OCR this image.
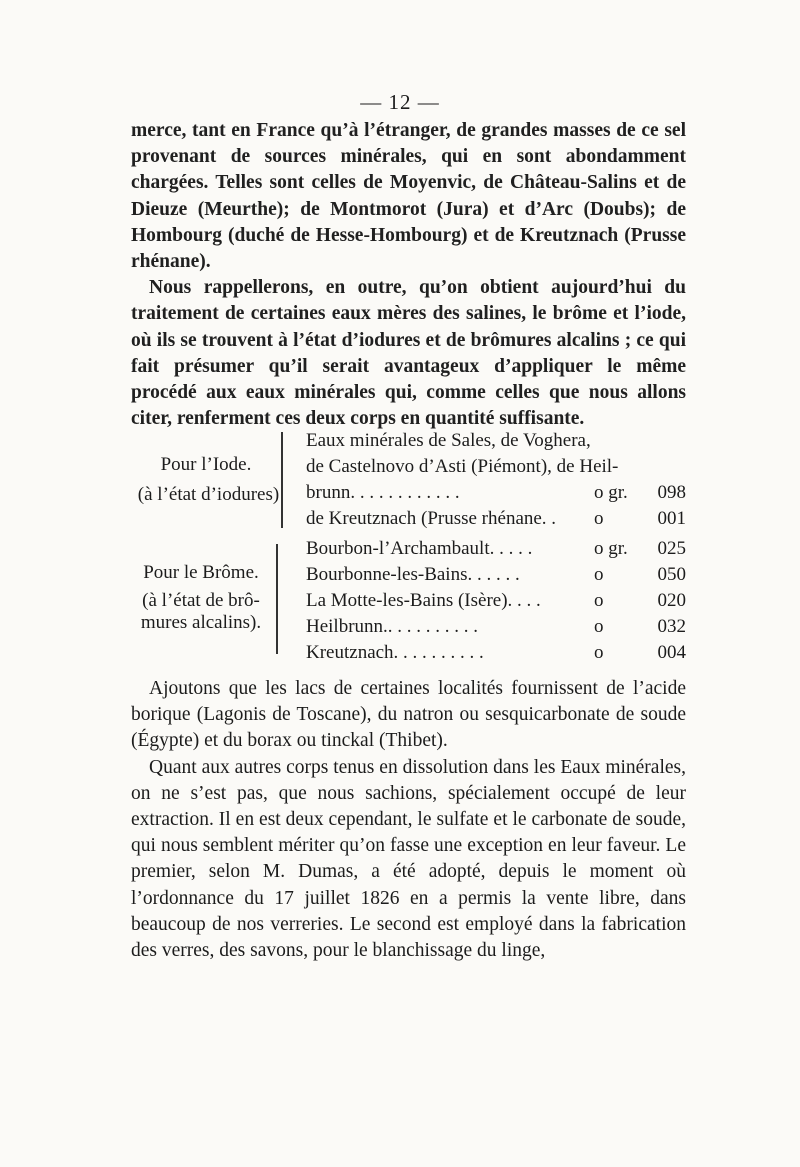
— 12 —

merce, tant en France qu’à l’étranger, de grandes masses de ce sel provenant de sources minérales, qui en sont abondamment chargées. Telles sont celles de Moyenvic, de Château-Salins et de Dieuze (Meurthe); de Montmorot (Jura) et d’Arc (Doubs); de Hombourg (duché de Hesse-Hombourg) et de Kreutznach (Prusse rhénane).

Nous rappellerons, en outre, qu’on obtient aujourd’hui du traitement de certaines eaux mères des salines, le brôme et l’iode, où ils se trouvent à l’état d’iodures et de brômures alcalins ; ce qui fait présumer qu’il serait avantageux d’appliquer le même procédé aux eaux minérales qui, comme celles que nous allons citer, renferment ces deux corps en quantité suffisante.

Pour l’Iode.
(à l’état d’iodures)
Eaux minérales de Sales, de Voghera,
de Castelnovo d’Asti (Piémont), de Heil-
brunn. . . . . . . . . . . .	o gr. 098
de Kreutznach (Prusse rhénane. . o	001
Pour le Brôme.
(à l’état de brô-
mures alcalins).
Bourbon-l’Archambault. . . . .	o gr. 025
Bourbonne-les-Bains. . . . . .	o	050
La Motte-les-Bains (Isère). . . .	o	020
Heilbrunn.. . . . . . . . . .	o	032
Kreutznach. . . . . . . . . .	o	004

Ajoutons que les lacs de certaines localités fournissent de l’acide borique (Lagonis de Toscane), du natron ou sesquicarbonate de soude (Égypte) et du borax ou tinckal (Thibet).

Quant aux autres corps tenus en dissolution dans les Eaux minérales, on ne s’est pas, que nous sachions, spécialement occupé de leur extraction. Il en est deux cependant, le sulfate et le carbonate de soude, qui nous semblent mériter qu’on fasse une exception en leur faveur. Le premier, selon M. Dumas, a été adopté, depuis le moment où l’ordonnance du 17 juillet 1826 en a permis la vente libre, dans beaucoup de nos verreries. Le second est employé dans la fabrication des verres, des savons, pour le blanchissage du linge,
